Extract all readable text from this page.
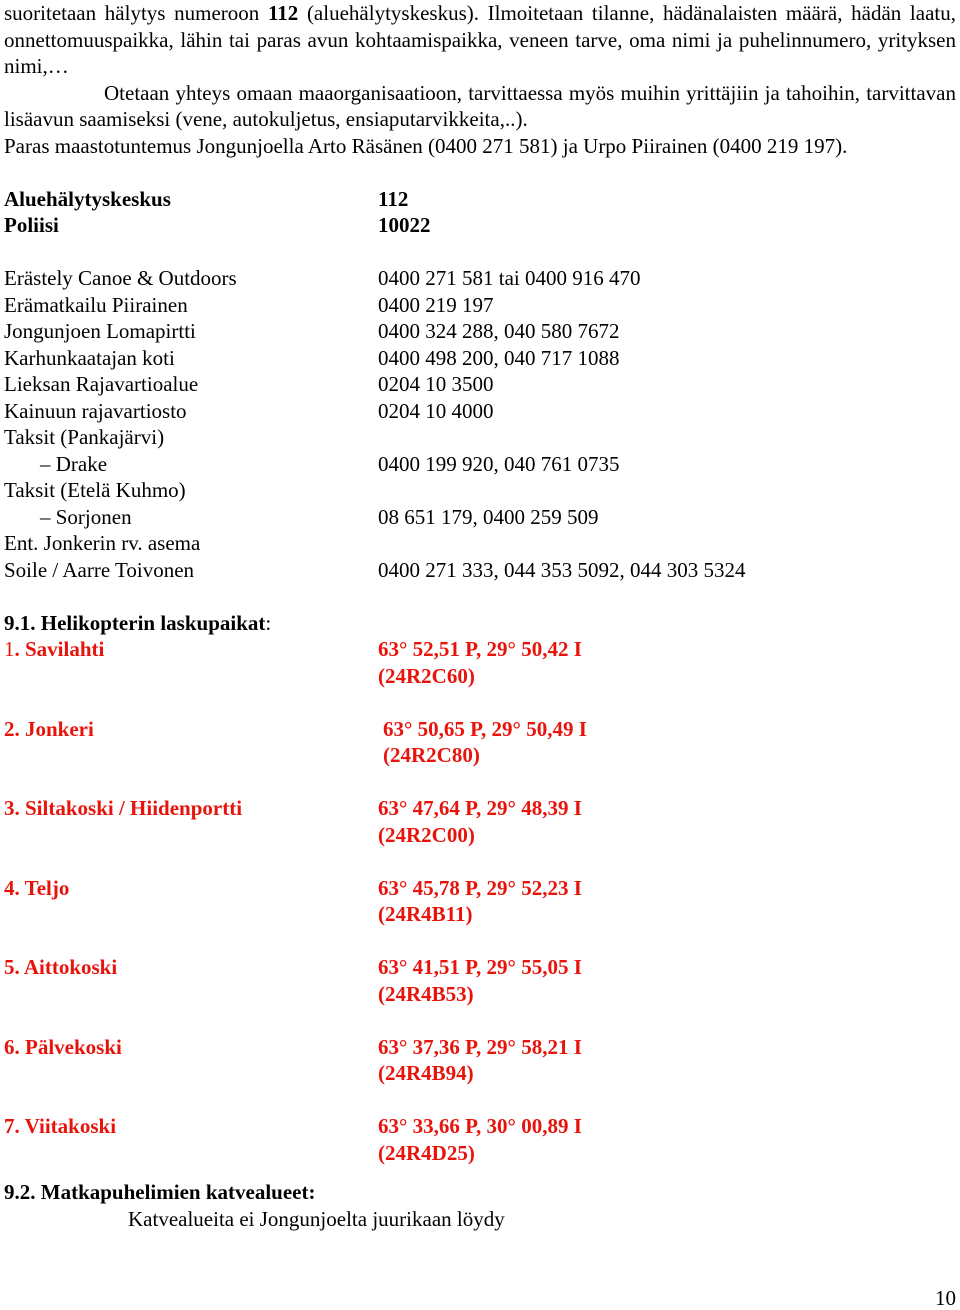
suoritetaan hälytys numeroon 112 (aluehälytyskeskus). Ilmoitetaan tilanne, hädänalaisten määrä, hädän laatu, onnettomuuspaikka, lähin tai paras avun kohtaamispaikka, veneen tarve, oma nimi ja puhelinnumero, yrityksen nimi,…

Otetaan yhteys omaan maaorganisaatioon, tarvittaessa myös muihin yrittäjiin ja tahoihin, tarvittavan lisäavun saamiseksi (vene, autokuljetus, ensiaputarvikkeita,..).

Paras maastotuntemus Jongunjoella Arto Räsänen (0400 271 581) ja Urpo Piirainen (0400 219 197).

Aluehälytyskeskus	112
Poliisi	10022
Erästely Canoe & Outdoors	0400 271 581 tai 0400 916 470
Erämatkailu Piirainen	0400 219 197
Jongunjoen Lomapirtti	0400 324 288, 040 580 7672
Karhunkaatajan koti	0400 498 200, 040 717 1088
Lieksan Rajavartioalue	0204 10 3500
Kainuun rajavartiosto	0204 10 4000
Taksit (Pankajärvi)
– Drake	0400 199 920, 040 761 0735
Taksit (Etelä Kuhmo)
– Sorjonen	08 651 179, 0400 259 509
Ent. Jonkerin rv. asema
Soile / Aarre Toivonen	0400 271 333, 044 353 5092, 044 303 5324
9.1. Helikopterin laskupaikat :
1. Savilahti	63° 52,51 P, 29° 50,42 I
(24R2C60)
2. Jonkeri	63° 50,65 P, 29° 50,49 I
(24R2C80)
3. Siltakoski / Hiidenportti	63° 47,64 P, 29° 48,39 I
(24R2C00)
4. Teljo	63° 45,78 P, 29° 52,23 I
(24R4B11)
5. Aittokoski	63° 41,51 P, 29° 55,05 I
(24R4B53)
6. Pälvekoski	63° 37,36 P, 29° 58,21 I
(24R4B94)
7. Viitakoski	63° 33,66 P, 30° 00,89 I
(24R4D25)
9.2. Matkapuhelimien katvealueet:
Katvealueita ei Jongunjoelta juurikaan löydy
10
